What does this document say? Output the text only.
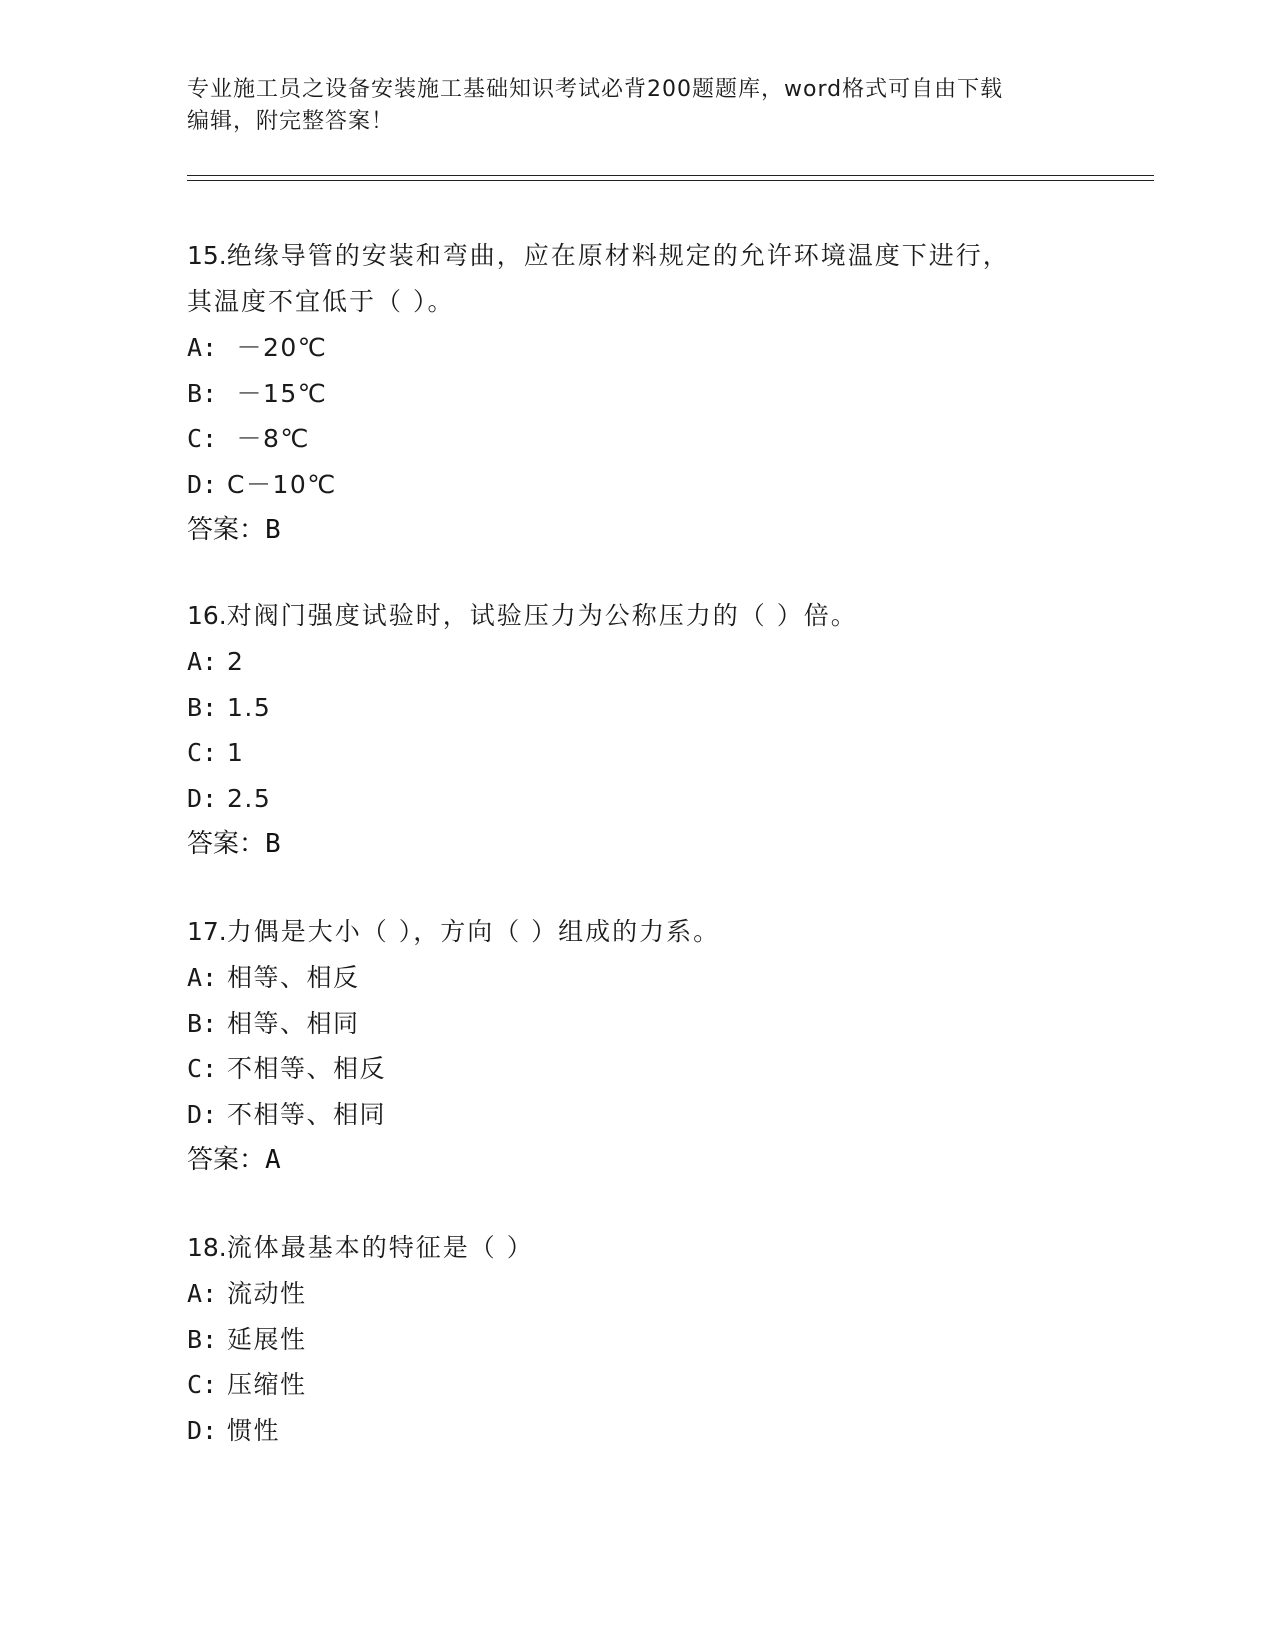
专业施工员之设备安装施工基础知识考试必背200题题库，word格式可自由下载
编辑，附完整答案！

15.绝缘导管的安装和弯曲，应在原材料规定的允许环境温度下进行，

其温度不宜低于（ ）。

A: －20℃

B: －15℃

C: －8℃

D: C－10℃

答案：B

16.对阀门强度试验时，试验压力为公称压力的（ ）倍。

A: 2

B: 1.5

C: 1

D: 2.5

答案：B

17.力偶是大小（ ），方向（ ）组成的力系。

A: 相等、相反

B: 相等、相同

C: 不相等、相反

D: 不相等、相同

答案：A

18.流体最基本的特征是（ ）

A: 流动性

B: 延展性

C: 压缩性

D: 惯性
